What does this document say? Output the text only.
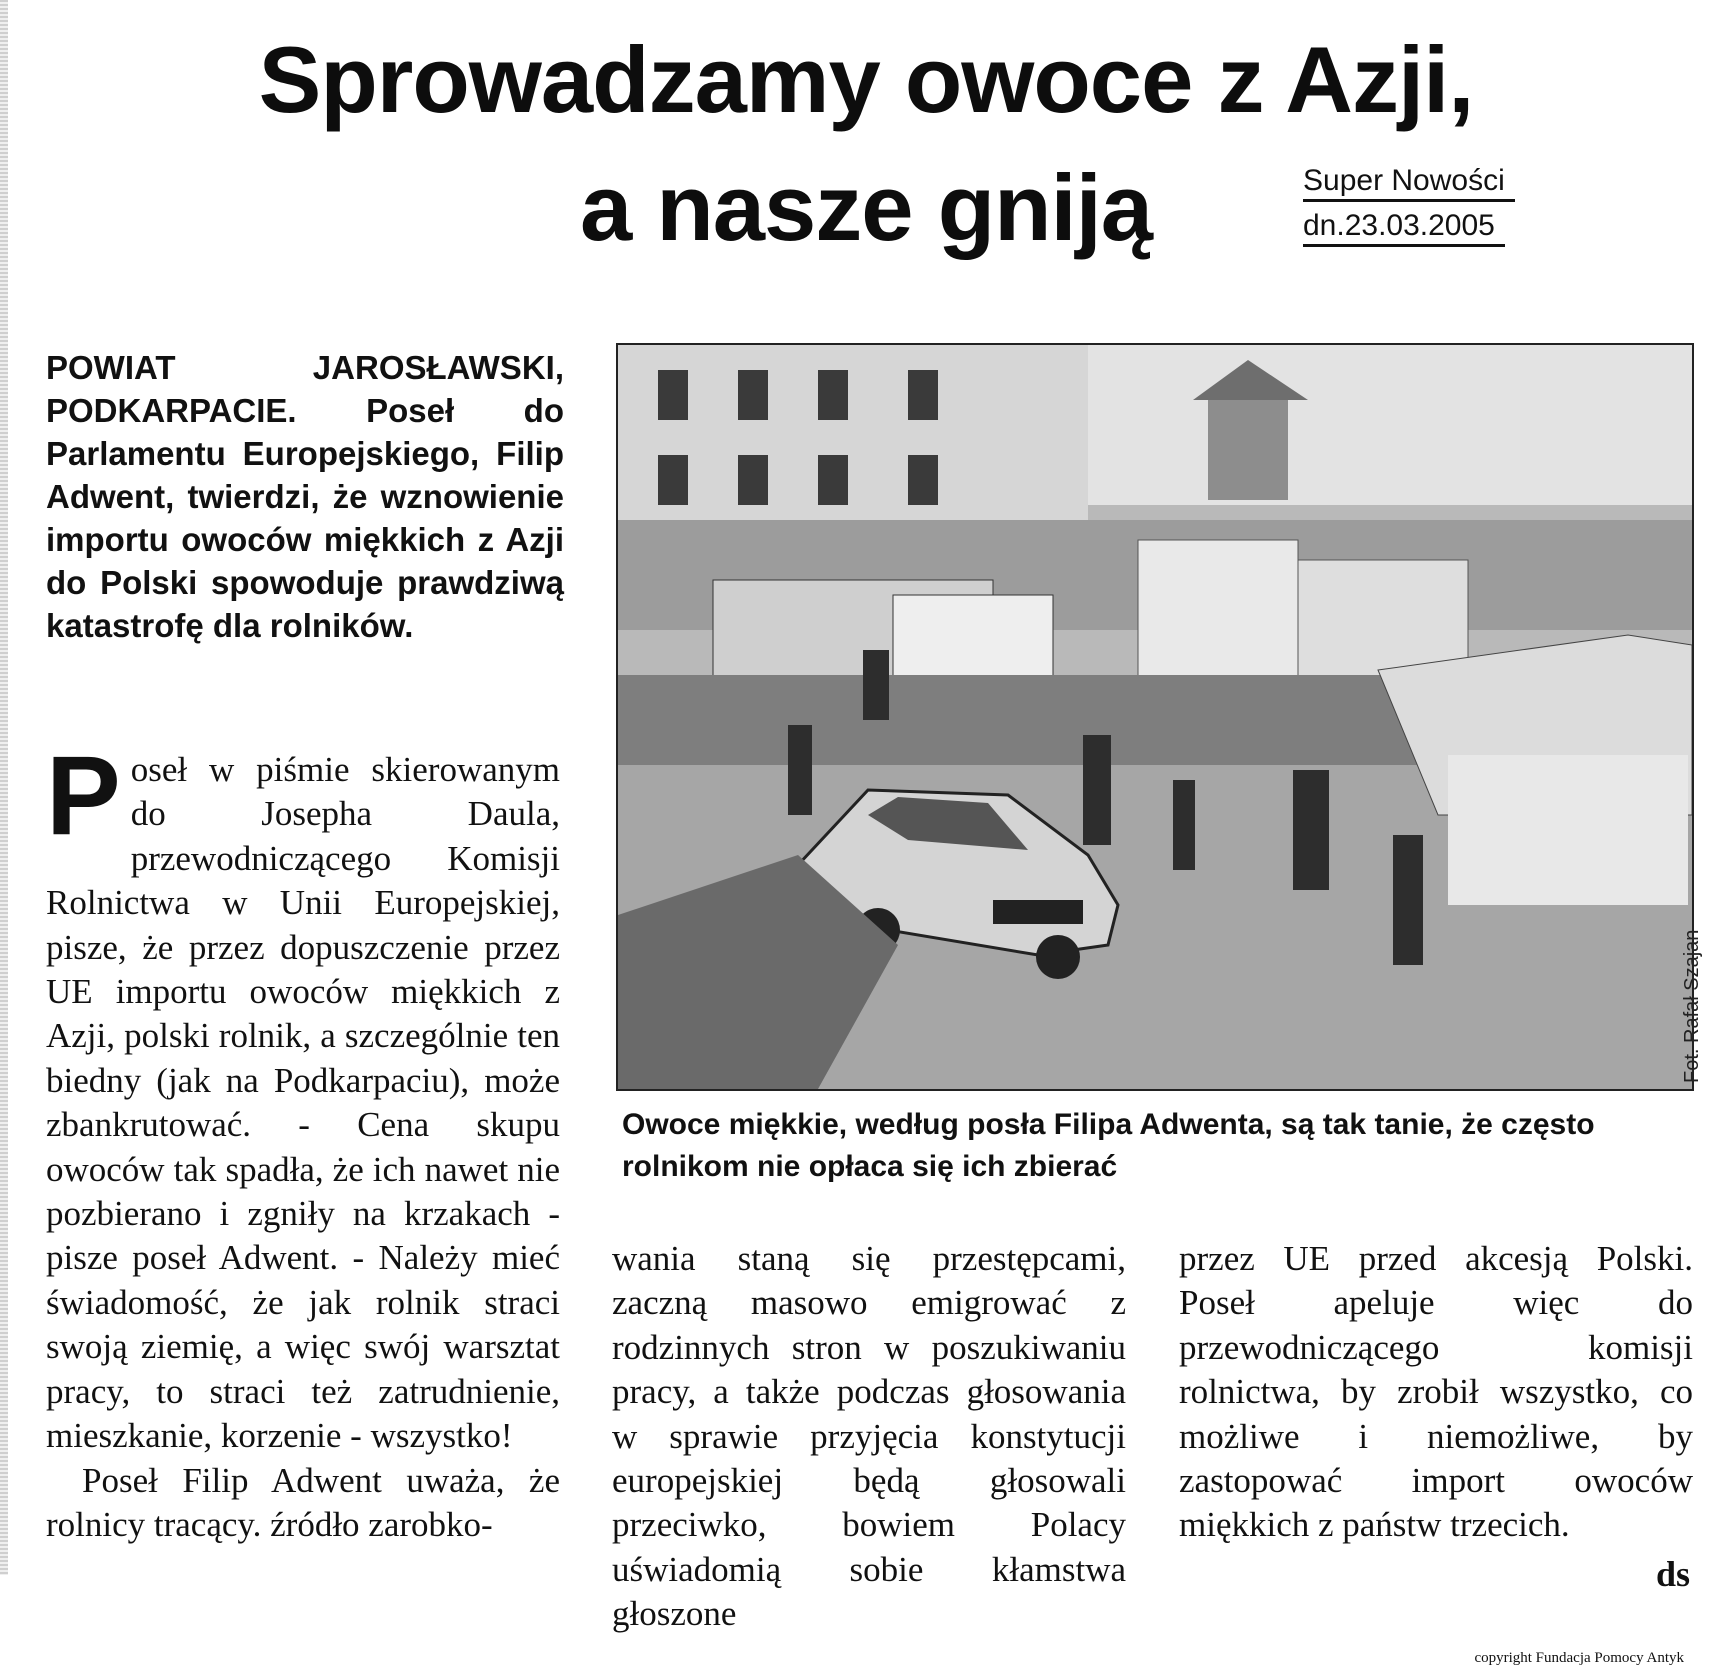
Sprowadzamy owoce z Azji,
a nasze gniją	Super Nowości
dn.23.03.2005

POWIAT JAROSŁAWSKI, PODKARPACIE. Poseł do Parlamentu Europejskiego, Filip Adwent, twierdzi, że wznowienie importu owoców miękkich z Azji do Polski spowoduje prawdziwą katastrofę dla rolników.

Poseł w piśmie skierowanym do Josepha Daula, przewodniczącego Komisji Rolnictwa w Unii Europejskiej, pisze, że przez dopuszczenie przez UE importu owoców miękkich z Azji, polski rolnik, a szczególnie ten biedny (jak na Podkarpaciu), może zbankrutować. - Cena skupu owoców tak spadła, że ich nawet nie pozbierano i zgniły na krzakach - pisze poseł Adwent. - Należy mieć świadomość, że jak rolnik straci swoją ziemię, a więc swój warsztat pracy, to straci też zatrudnienie, mieszkanie, korzenie - wszystko!

Poseł Filip Adwent uważa, że rolnicy tracący. źródło zarobko-

wania staną się przestępcami, zaczną masowo emigrować z rodzinnych stron w poszukiwaniu pracy, a także podczas głosowania w sprawie przyjęcia konstytucji europejskiej będą głosowali przeciwko, bowiem Polacy uświadomią sobie kłamstwa głoszone

przez UE przed akcesją Polski. Poseł apeluje więc do przewodniczącego komisji rolnictwa, by zrobił wszystko, co możliwe i niemożliwe, by zastopować import owoców miękkich z państw trzecich.

ds
Fot. Rafał Szajan

Owoce miękkie, według posła Filipa Adwenta, są tak tanie, że często rolnikom nie opłaca się ich zbierać

copyright Fundacja Pomocy Antyk
